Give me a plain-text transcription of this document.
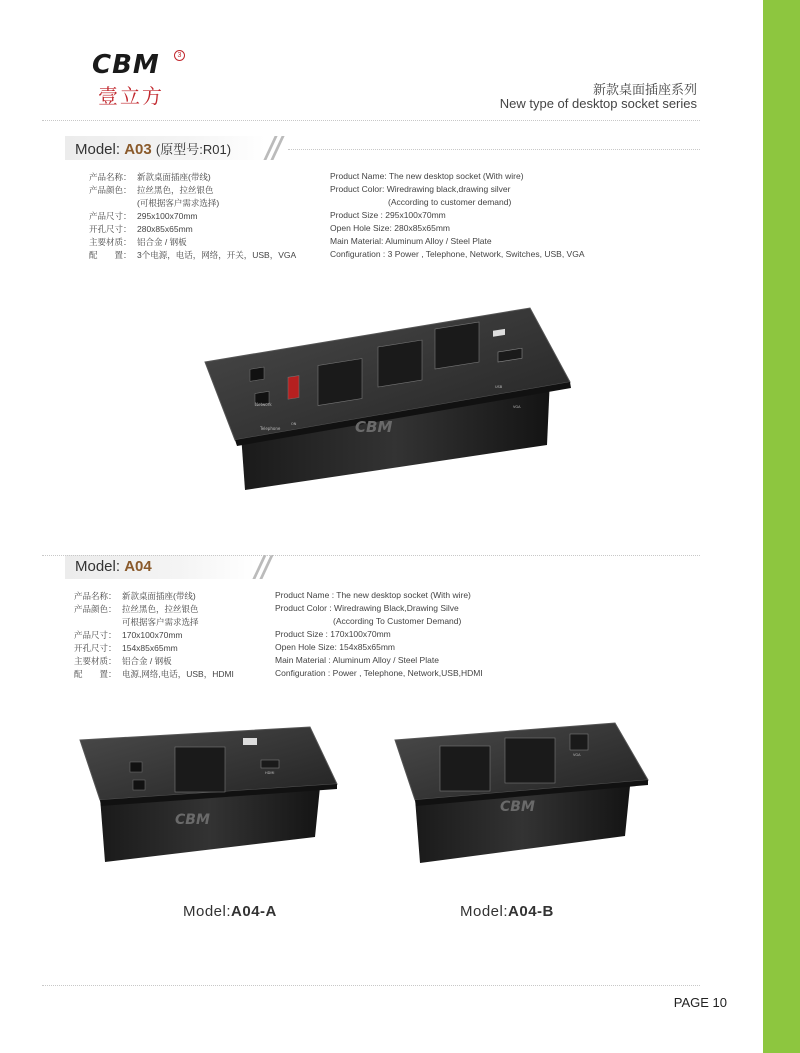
CBM	3
壹立方	新款桌面插座系列
New type of desktop socket series
Model: A03 (原型号:R01)
产品名称： 新款桌面插座(带线)
产品颜色： 拉丝黑色，拉丝银色
(可根据客户需求选择)
产品尺寸： 295x100x70mm
开孔尺寸： 280x85x65mm
主要材质： 铝合金 / 钢板
配　　置： 3个电源，电话，网络，开关，USB，VGA
Product Name: The new desktop socket (With wire)
Product Color: Wiredrawing black,drawing silver
(According to customer demand)
Product Size : 295x100x70mm
Open Hole Size: 280x85x65mm
Main Material: Aluminum Alloy / Steel Plate
Configuration : 3 Power , Telephone, Network, Switches, USB, VGA
Network
Telephone
ON
USB
VGA
CBM
Model: A04
产品名称： 新款桌面插座(带线)
产品颜色： 拉丝黑色，拉丝银色
可根据客户需求选择
产品尺寸： 170x100x70mm
开孔尺寸： 154x85x65mm
主要材质： 铝合金 / 钢板
配　　置： 电源,网络,电话，USB，HDMI
Product Name : The new desktop socket (With wire)
Product Color : Wiredrawing Black,Drawing Silve
(According To Customer Demand)
Product Size : 170x100x70mm
Open Hole Size: 154x85x65mm
Main Material : Aluminum Alloy / Steel Plate
Configuration : Power , Telephone, Network,USB,HDMI
HDMI
CBM
VGA
CBM
Model:A04-A	Model:A04-B
PAGE 10
